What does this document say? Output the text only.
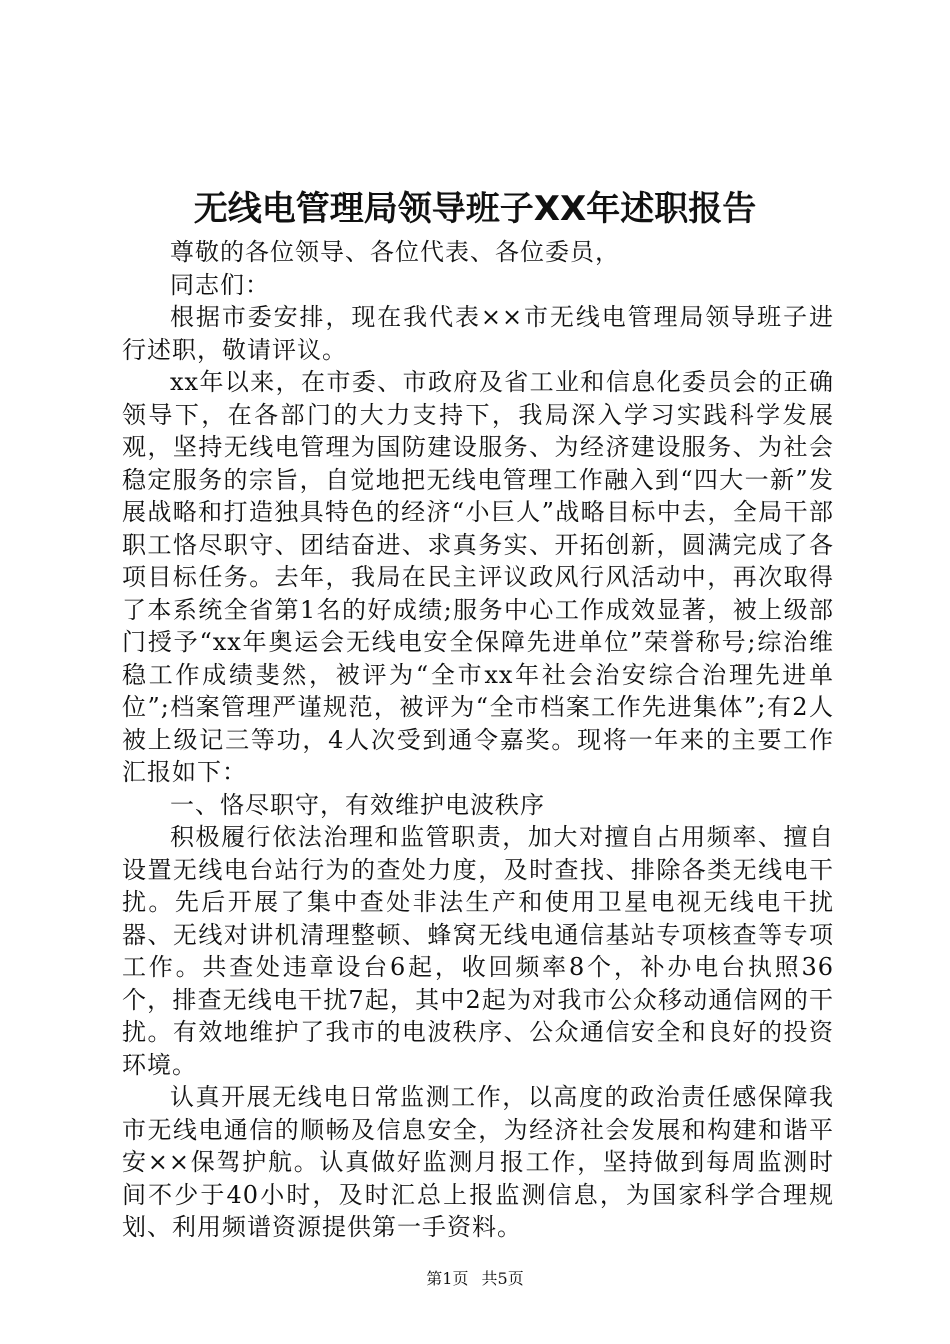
无线电管理局领导班子XX年述职报告

尊敬的各位领导、各位代表、各位委员，

同志们：

根据市委安排，现在我代表××市无线电管理局领导班子进行述职，敬请评议。

xx年以来，在市委、市政府及省工业和信息化委员会的正确领导下，在各部门的大力支持下，我局深入学习实践科学发展观，坚持无线电管理为国防建设服务、为经济建设服务、为社会稳定服务的宗旨，自觉地把无线电管理工作融入到“四大一新”发展战略和打造独具特色的经济“小巨人”战略目标中去，全局干部职工恪尽职守、团结奋进、求真务实、开拓创新，圆满完成了各项目标任务。去年，我局在民主评议政风行风活动中，再次取得了本系统全省第1名的好成绩;服务中心工作成效显著，被上级部门授予“xx年奥运会无线电安全保障先进单位”荣誉称号;综治维稳工作成绩斐然，被评为“全市xx年社会治安综合治理先进单位”;档案管理严谨规范，被评为“全市档案工作先进集体”;有2人被上级记三等功，4人次受到通令嘉奖。现将一年来的主要工作汇报如下：

一、恪尽职守，有效维护电波秩序

积极履行依法治理和监管职责，加大对擅自占用频率、擅自设置无线电台站行为的查处力度，及时查找、排除各类无线电干扰。先后开展了集中查处非法生产和使用卫星电视无线电干扰器、无线对讲机清理整顿、蜂窝无线电通信基站专项核查等专项工作。共查处违章设台6起，收回频率8个，补办电台执照36个，排查无线电干扰7起，其中2起为对我市公众移动通信网的干扰。有效地维护了我市的电波秩序、公众通信安全和良好的投资环境。

认真开展无线电日常监测工作，以高度的政治责任感保障我市无线电通信的顺畅及信息安全，为经济社会发展和构建和谐平安××保驾护航。认真做好监测月报工作，坚持做到每周监测时间不少于40小时，及时汇总上报监测信息，为国家科学合理规划、利用频谱资源提供第一手资料。

第1页 共5页
